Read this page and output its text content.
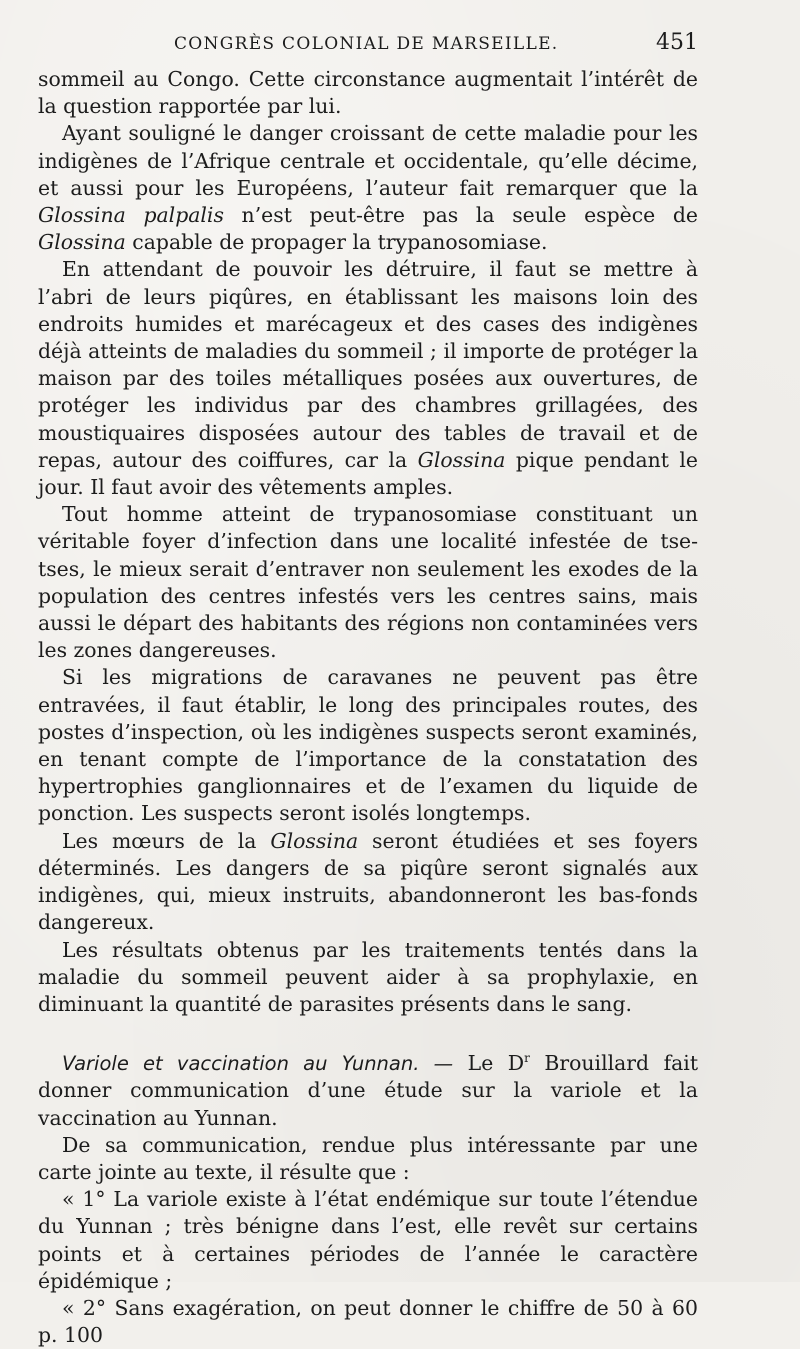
CONGRÈS COLONIAL DE MARSEILLE.	451

sommeil au Congo. Cette circonstance augmentait l’intérêt de la question rapportée par lui.

Ayant souligné le danger croissant de cette maladie pour les indigènes de l’Afrique centrale et occidentale, qu’elle décime, et aussi pour les Européens, l’auteur fait remarquer que la Glossina palpalis n’est peut-être pas la seule espèce de Glossina capable de propager la trypanosomiase.

En attendant de pouvoir les détruire, il faut se mettre à l’abri de leurs piqûres, en établissant les maisons loin des endroits humides et marécageux et des cases des indigènes déjà atteints de maladies du sommeil ; il importe de protéger la maison par des toiles métalliques posées aux ouvertures, de protéger les individus par des chambres grillagées, des moustiquaires disposées autour des tables de travail et de repas, autour des coiffures, car la Glossina pique pendant le jour. Il faut avoir des vêtements amples.

Tout homme atteint de trypanosomiase constituant un véritable foyer d’infection dans une localité infestée de tse-tses, le mieux serait d’entraver non seulement les exodes de la population des centres infestés vers les centres sains, mais aussi le départ des habitants des régions non contaminées vers les zones dangereuses.

Si les migrations de caravanes ne peuvent pas être entravées, il faut établir, le long des principales routes, des postes d’inspection, où les indigènes suspects seront examinés, en tenant compte de l’importance de la constatation des hypertrophies ganglionnaires et de l’examen du liquide de ponction. Les suspects seront isolés longtemps.

Les mœurs de la Glossina seront étudiées et ses foyers déterminés. Les dangers de sa piqûre seront signalés aux indigènes, qui, mieux instruits, abandonneront les bas-fonds dangereux.

Les résultats obtenus par les traitements tentés dans la maladie du sommeil peuvent aider à sa prophylaxie, en diminuant la quantité de parasites présents dans le sang.

Variole et vaccination au Yunnan. — Le $D^r$ Brouillard fait donner communication d’une étude sur la variole et la vaccination au Yunnan.

De sa communication, rendue plus intéressante par une carte jointe au texte, il résulte que :

« 1° La variole existe à l’état endémique sur toute l’étendue du Yunnan ; très bénigne dans l’est, elle revêt sur certains points et à certaines périodes de l’année le caractère épidémique ;

« 2° Sans exagération, on peut donner le chiffre de 50 à 60 p. 100
